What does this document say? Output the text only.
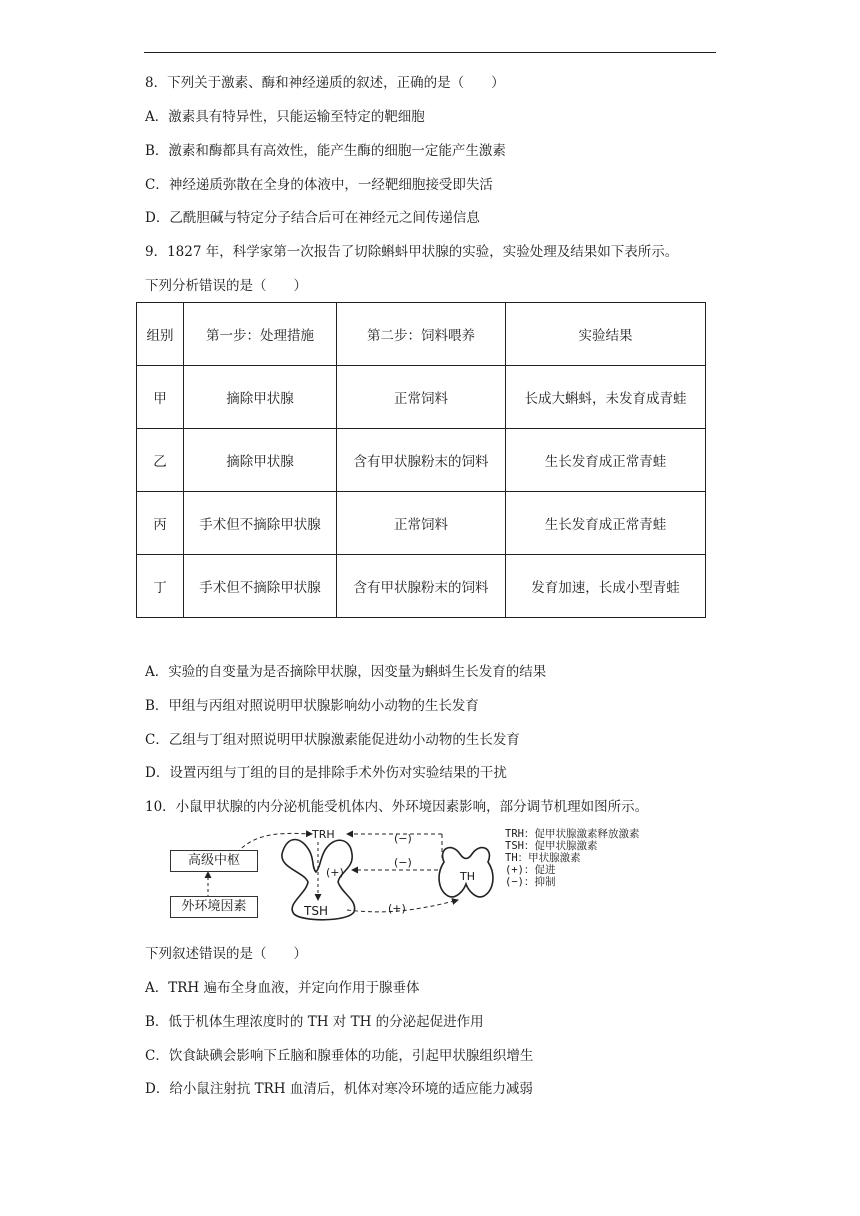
8．下列关于激素、酶和神经递质的叙述，正确的是（　　）
A．激素具有特异性，只能运输至特定的靶细胞
B．激素和酶都具有高效性，能产生酶的细胞一定能产生激素
C．神经递质弥散在全身的体液中，一经靶细胞接受即失活
D．乙酰胆碱与特定分子结合后可在神经元之间传递信息
9．1827 年，科学家第一次报告了切除蝌蚪甲状腺的实验，实验处理及结果如下表所示。
下列分析错误的是（　　）
组别	第一步：处理措施	第二步：饲料喂养	实验结果
甲	摘除甲状腺	正常饲料	长成大蝌蚪，未发育成青蛙
乙	摘除甲状腺	含有甲状腺粉末的饲料	生长发育成正常青蛙
丙	手术但不摘除甲状腺	正常饲料	生长发育成正常青蛙
丁	手术但不摘除甲状腺	含有甲状腺粉末的饲料	发育加速，长成小型青蛙
A．实验的自变量为是否摘除甲状腺，因变量为蝌蚪生长发育的结果
B．甲组与丙组对照说明甲状腺影响幼小动物的生长发育
C．乙组与丁组对照说明甲状腺激素能促进幼小动物的生长发育
D．设置丙组与丁组的目的是排除手术外伤对实验结果的干扰
10．小鼠甲状腺的内分泌机能受机体内、外环境因素影响，部分调节机理如图所示。
高级中枢
外环境因素
TRH
TSH
TH
(−)
(−)
(+)
(+)
TRH：促甲状腺激素释放激素
TSH：促甲状腺激素
TH：甲状腺激素
(+)：促进
(−)：抑制
下列叙述错误的是（　　）
A．TRH 遍布全身血液，并定向作用于腺垂体
B．低于机体生理浓度时的 TH 对 TH 的分泌起促进作用
C．饮食缺碘会影响下丘脑和腺垂体的功能，引起甲状腺组织增生
D．给小鼠注射抗 TRH 血清后，机体对寒冷环境的适应能力减弱
